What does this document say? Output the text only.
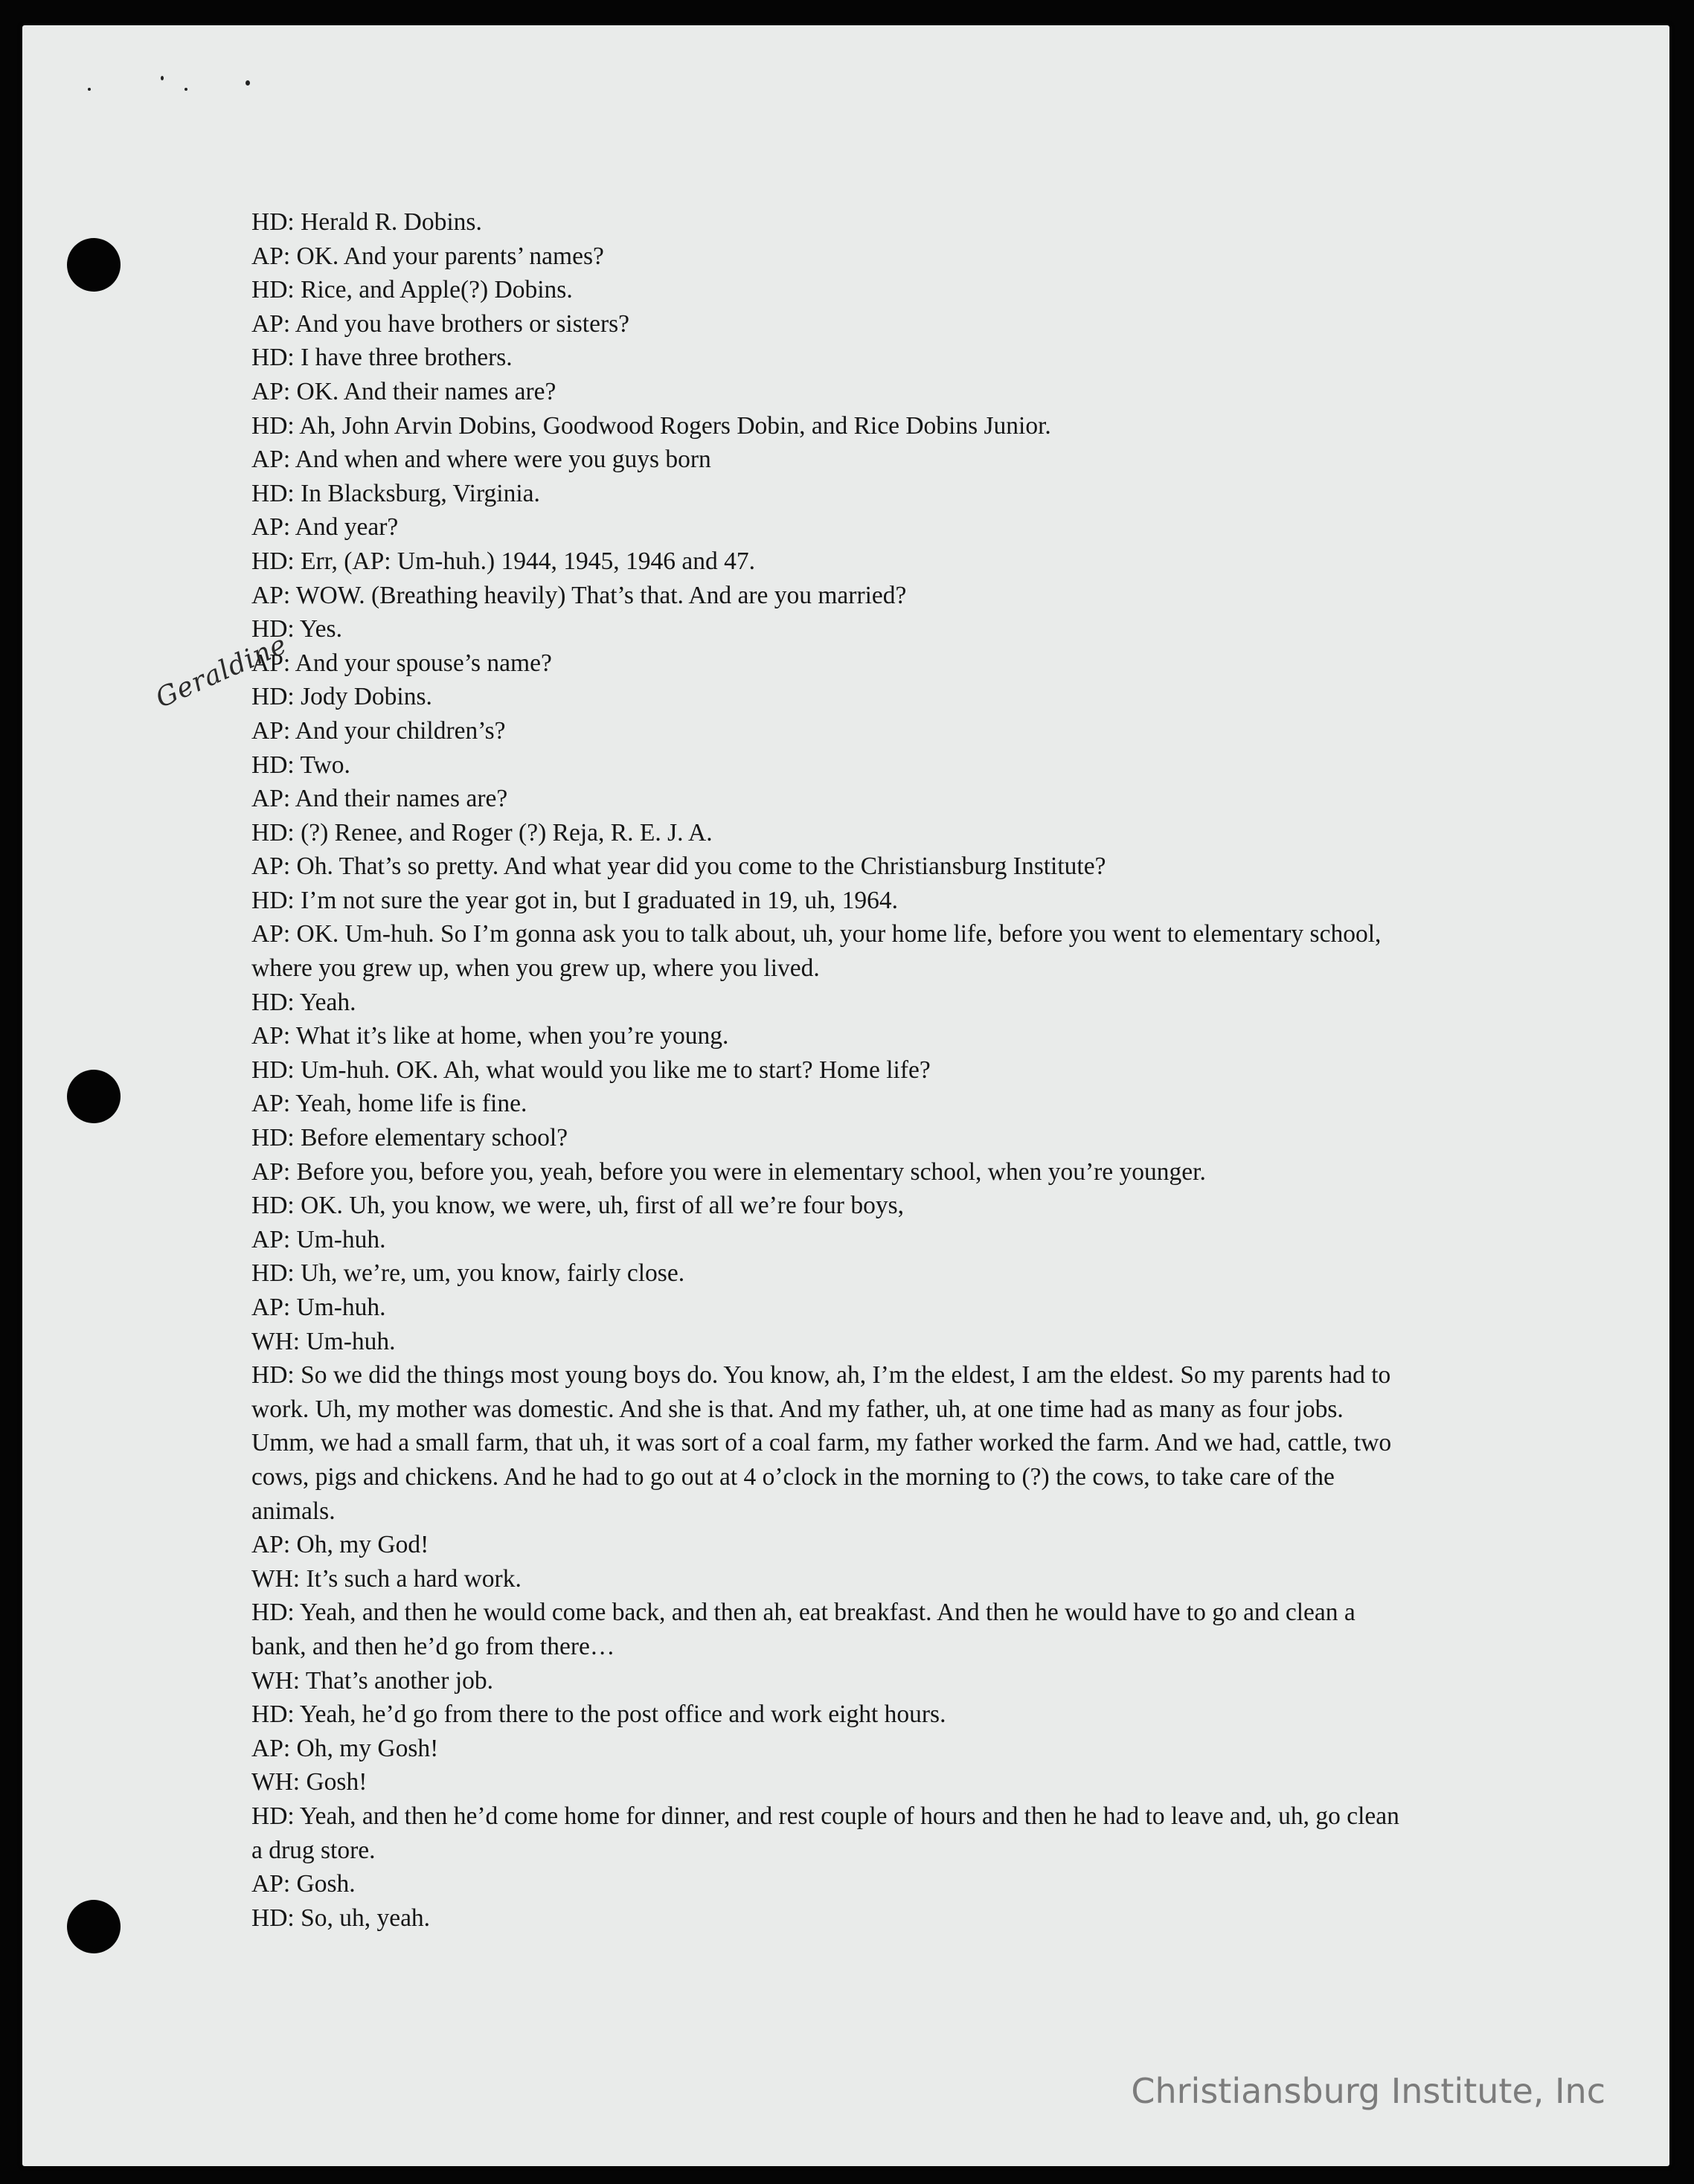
HD: Herald R. Dobins.
AP: OK. And your parents’ names?
HD: Rice, and Apple(?) Dobins.
AP: And you have brothers or sisters?
HD: I have three brothers.
AP: OK. And their names are?
HD: Ah, John Arvin Dobins, Goodwood Rogers Dobin, and Rice Dobins Junior.
AP: And when and where were you guys born
HD: In Blacksburg, Virginia.
AP: And year?
HD: Err, (AP: Um-huh.) 1944, 1945, 1946 and 47.
AP: WOW. (Breathing heavily) That’s that. And are you married?
HD: Yes.
AP: And your spouse’s name?
HD: Jody Dobins.
AP: And your children’s?
HD: Two.
AP: And their names are?
HD: (?) Renee, and Roger (?) Reja, R. E. J. A.
AP: Oh. That’s so pretty. And what year did you come to the Christiansburg Institute?
HD: I’m not sure the year got in, but I graduated in 19, uh, 1964.
AP: OK. Um-huh. So I’m gonna ask you to talk about, uh, your home life, before you went to elementary school, where you grew up, when you grew up, where you lived.
HD: Yeah.
AP: What it’s like at home, when you’re young.
HD: Um-huh. OK. Ah, what would you like me to start? Home life?
AP: Yeah, home life is fine.
HD: Before elementary school?
AP: Before you, before you, yeah, before you were in elementary school, when you’re younger.
HD: OK. Uh, you know, we were, uh, first of all we’re four boys,
AP: Um-huh.
HD: Uh, we’re, um, you know, fairly close.
AP: Um-huh.
WH: Um-huh.
HD: So we did the things most young boys do. You know, ah, I’m the eldest, I am the eldest. So my parents had to work. Uh, my mother was domestic. And she is that. And my father, uh, at one time had as many as four jobs. Umm, we had a small farm, that uh, it was sort of a coal farm, my father worked the farm. And we had, cattle, two cows, pigs and chickens. And he had to go out at 4 o’clock in the morning to (?) the cows, to take care of the animals.
AP: Oh, my God!
WH: It’s such a hard work.
HD: Yeah, and then he would come back, and then ah, eat breakfast. And then he would have to go and clean a bank, and then he’d go from there…
WH: That’s another job.
HD: Yeah, he’d go from there to the post office and work eight hours.
AP: Oh, my Gosh!
WH: Gosh!
HD: Yeah, and then he’d come home for dinner, and rest couple of hours and then he had to leave and, uh, go clean a drug store.
AP: Gosh.
HD: So, uh, yeah.
Geraldine
Christiansburg Institute, Inc
